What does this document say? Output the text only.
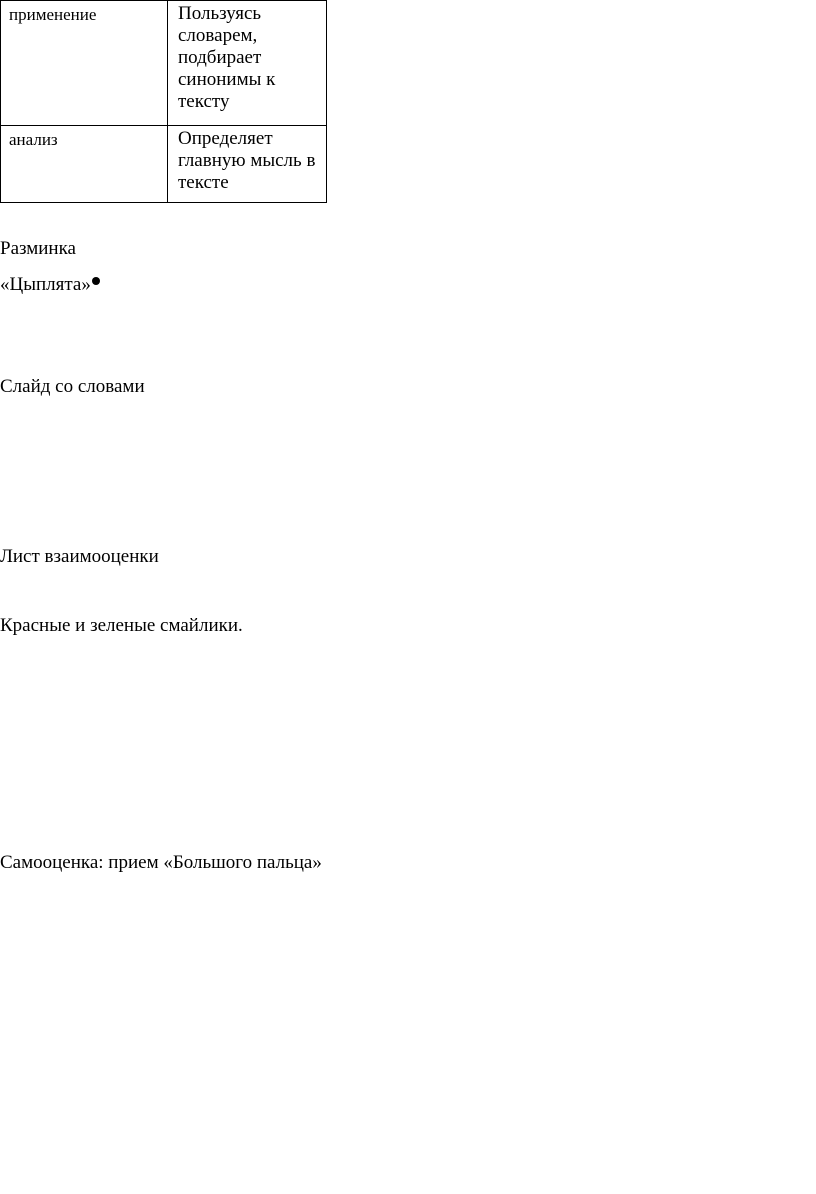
применение	Пользуясь
словарем,
подбирает
синонимы к
тексту

анализ	Определяет
главную мысль в
тексте
Разминка
«Цыплята»
Слайд со словами
Лист взаимооценки
Красные и зеленые смайлики.
Самооценка: прием «Большого пальца»
